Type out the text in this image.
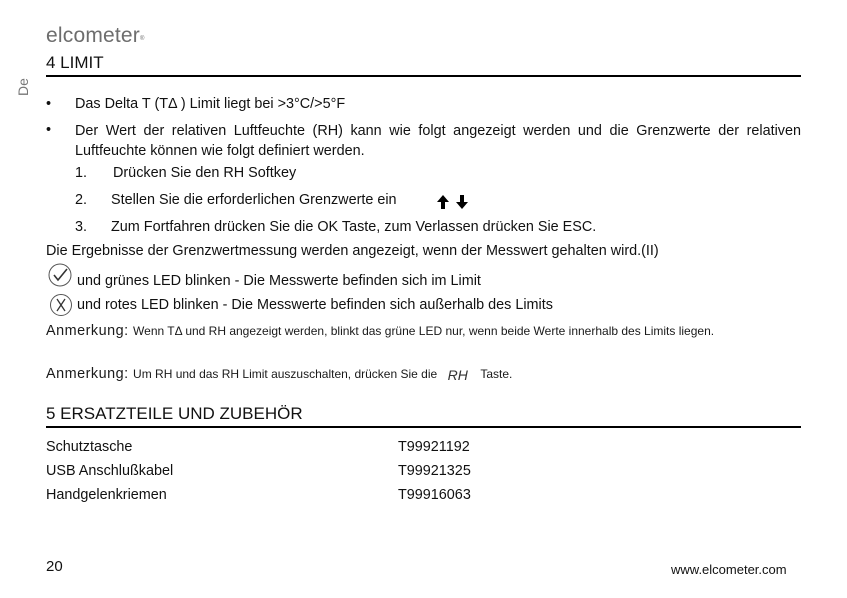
elcometer®
De
4 LIMIT
• Das Delta T (TΔ ) Limit liegt bei >3°C/>5°F
• Der Wert der relativen Luftfeuchte (RH) kann wie folgt angezeigt werden und die Grenzwerte der relativen Luftfeuchte können wie folgt definiert werden.
1. Drücken Sie den RH Softkey
2. Stellen Sie die erforderlichen Grenzwerte ein
3. Zum Fortfahren drücken Sie die OK Taste, zum Verlassen drücken Sie ESC.
Die Ergebnisse der Grenzwertmessung werden angezeigt, wenn der Messwert gehalten wird.(II)
und grünes LED blinken - Die Messwerte befinden sich im Limit
und rotes LED blinken - Die Messwerte befinden sich außerhalb des Limits
Anmerkung: Wenn TΔ und RH angezeigt werden, blinkt das grüne LED nur, wenn beide Werte innerhalb des Limits liegen.
Anmerkung: Um RH und das RH Limit auszuschalten, drücken Sie die RH Taste.
5 ERSATZTEILE UND ZUBEHÖR
Schutztasche	T99921192
USB Anschlußkabel	T99921325
Handgelenkriemen	T99916063
20	www.elcometer.com
